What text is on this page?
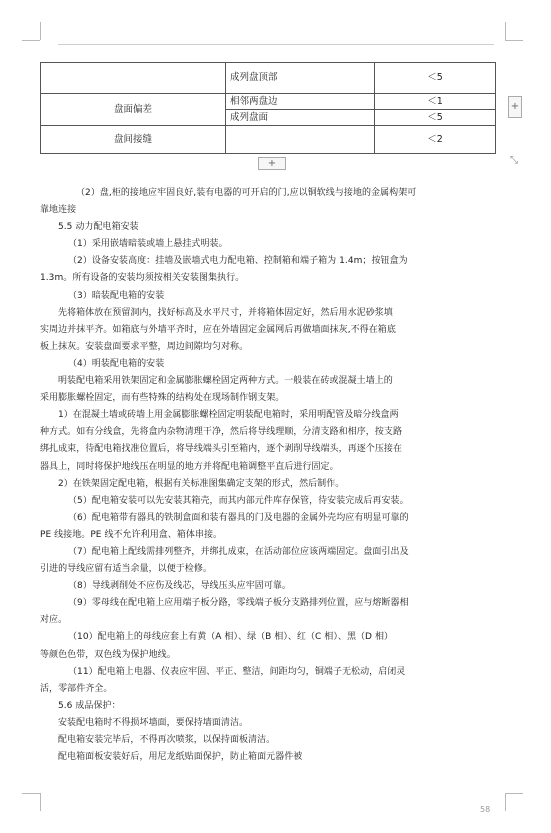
	成列盘顶部	＜5
盘面偏差	相邻两盘边	＜1
	成列盘面	＜5
盘间接缝		＜2
+
+	⤡

（2）盘,柜的接地应牢固良好,装有电器的可开启的门,应以铜软线与接地的金属构架可

靠地连接

5.5 动力配电箱安装

（1）采用嵌墙暗装或墙上悬挂式明装。

（2）设备安装高度：挂墙及嵌墙式电力配电箱、控制箱和端子箱为 1.4m；按钮盒为

1.3m。所有设备的安装均须按相关安装图集执行。

（3）暗装配电箱的安装

先将箱体放在预留洞内，找好标高及水平尺寸，并将箱体固定好，然后用水泥砂浆填

实周边并抹平齐。如箱底与外墙平齐时，应在外墙固定金属网后再做墙面抹灰,不得在箱底

板上抹灰。安装盘面要求平整，周边间隙均匀对称。

（4）明装配电箱的安装

明装配电箱采用铁架固定和金属膨胀螺栓固定两种方式。一般装在砖或混凝土墙上的

采用膨胀螺栓固定，而有些特殊的结构处在现场制作钢支架。

1）在混凝土墙或砖墙上用金属膨胀螺栓固定明装配电箱时，采用明配管及暗分线盒两

种方式。如有分线盒，先将盒内杂物清理干净，然后将导线理顺，分清支路和相序，按支路

绑扎成束，待配电箱找准位置后，将导线端头引至箱内，逐个剥削导线端头，再逐个压接在

器具上，同时将保护地线压在明显的地方并将配电箱调整平直后进行固定。

2）在铁架固定配电箱，根据有关标准图集确定支架的形式，然后制作。

（5）配电箱安装可以先安装其箱壳，而其内部元件库存保管，待安装完成后再安装。

（6）配电箱带有器具的铁制盒面和装有器具的门及电器的金属外壳均应有明显可靠的

PE 线接地。PE 线不允许利用盒、箱体串接。

（7）配电箱上配线需排列整齐，并绑扎成束，在活动部位应该两端固定。盘面引出及

引进的导线应留有适当余量，以便于检修。

（8）导线剥削处不应伤及线芯，导线压头应牢固可靠。

（9）零母线在配电箱上应用端子板分路，零线端子板分支路排列位置，应与熔断器相

对应。

（10）配电箱上的母线应套上有黄（A 相）、绿（B 相）、红（C 相）、黑（D 相）

等颜色色带，双色线为保护地线。

（11）配电箱上电器、仪表应牢固、平正、整洁，间距均匀，铜端子无松动，启闭灵

活，零部件齐全。

5.6 成品保护：

安装配电箱时不得损坏墙面，要保持墙面清洁。

配电箱安装完毕后，不得再次喷浆，以保持面板清洁。

配电箱面板安装好后，用尼龙纸贴面保护，防止箱面元器件被

58
